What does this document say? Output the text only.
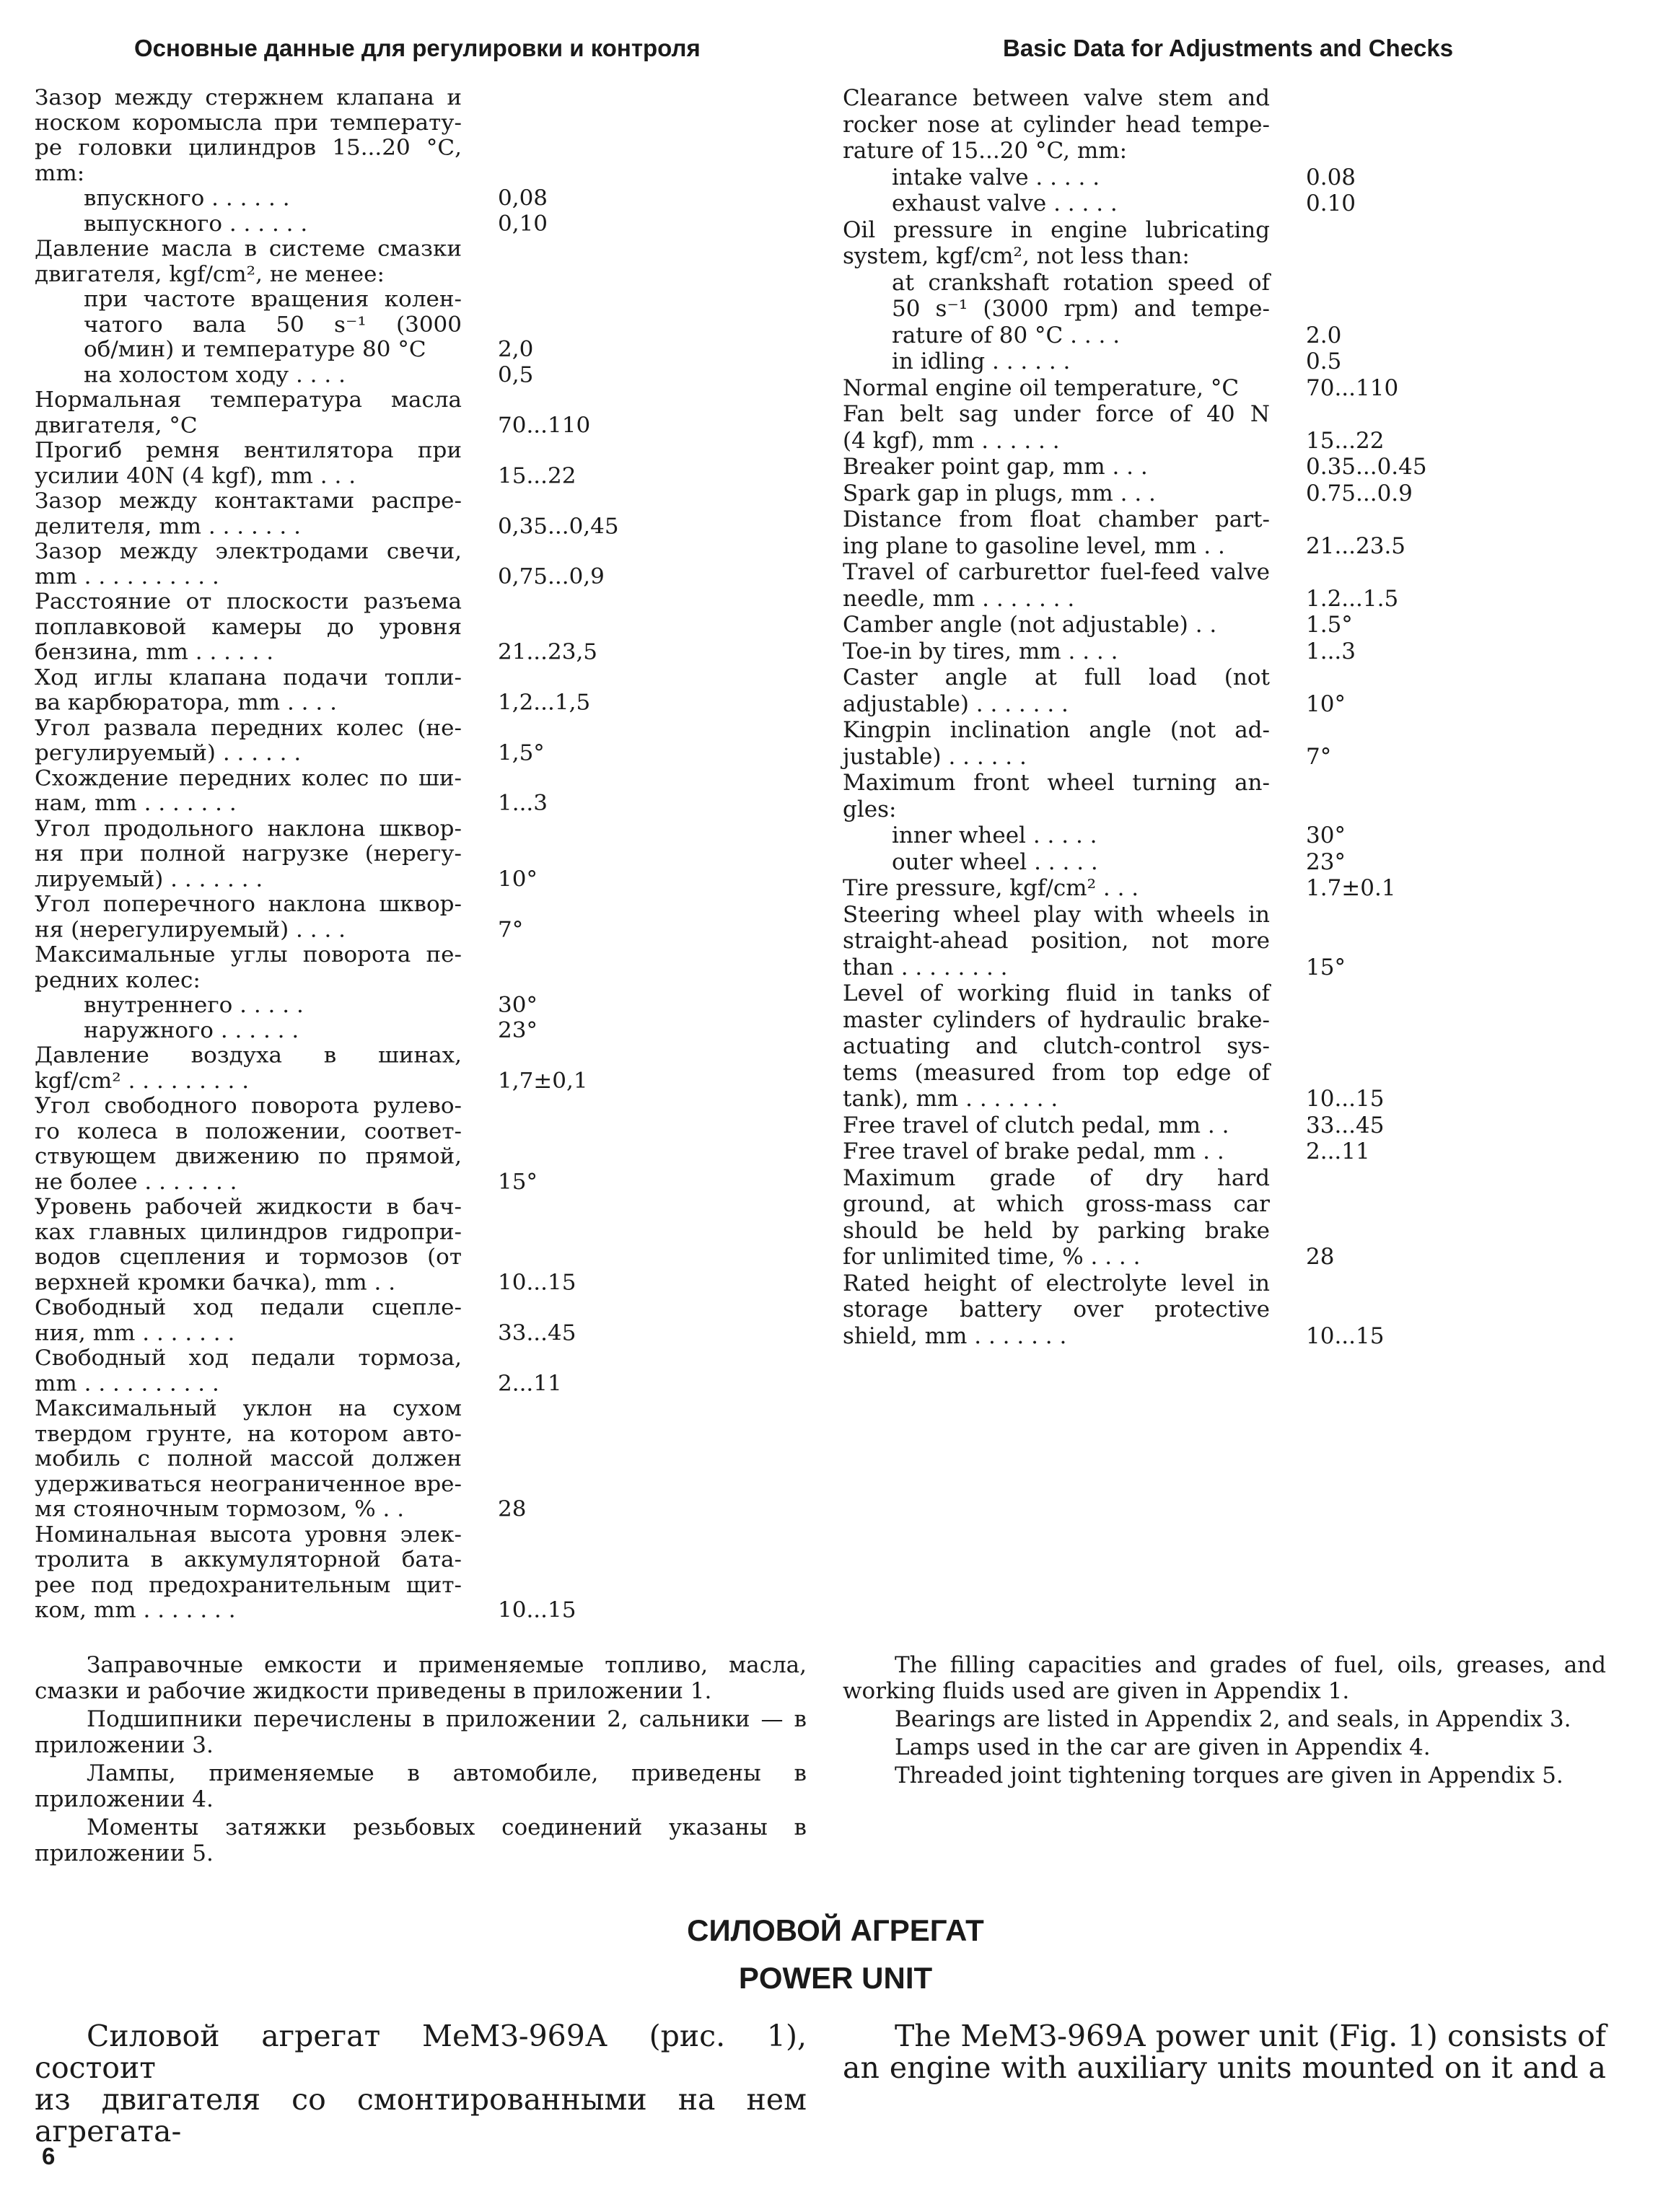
Основные данные для регулировки и контроля	Basic Data for Adjustments and Checks
Зазор между стержнем клапана и
носком коромысла при температу-
ре головки цилиндров 15...20 °С,
mm:
впускного . . . . . .	0,08
выпускного . . . . . .	0,10
Давление масла в системе смазки
двигателя, kgf/cm², не менее:
при частоте вращения колен-
чатого вала 50 s⁻¹ (3000
об/мин) и температуре 80 °С	2,0
на холостом ходу . . . .	0,5
Нормальная температура масла
двигателя, °С	70...110
Прогиб ремня вентилятора при
усилии 40N (4 kgf), mm . . .	15...22
Зазор между контактами распре-
делителя, mm . . . . . . .	0,35...0,45
Зазор между электродами свечи,
mm . . . . . . . . . .	0,75...0,9
Расстояние от плоскости разъема
поплавковой камеры до уровня
бензина, mm . . . . . .	21...23,5
Ход иглы клапана подачи топли-
ва карбюратора, mm . . . .	1,2...1,5
Угол развала передних колес (не-
регулируемый) . . . . . .	1,5°
Схождение передних колес по ши-
нам, mm . . . . . . .	1...3
Угол продольного наклона шквор-
ня при полной нагрузке (нерегу-
лируемый) . . . . . . .	10°
Угол поперечного наклона шквор-
ня (нерегулируемый) . . . .	7°
Максимальные углы поворота пе-
редних колес:
внутреннего . . . . .	30°
наружного . . . . . .	23°
Давление воздуха в шинах,
kgf/cm² . . . . . . . . .	1,7±0,1
Угол свободного поворота рулево-
го колеса в положении, соответ-
ствующем движению по прямой,
не более . . . . . . .	15°
Уровень рабочей жидкости в бач-
ках главных цилиндров гидропри-
водов сцепления и тормозов (от
верхней кромки бачка), mm . .	10...15
Свободный ход педали сцепле-
ния, mm . . . . . . .	33...45
Свободный ход педали тормоза,
mm . . . . . . . . . .	2...11
Максимальный уклон на сухом
твердом грунте, на котором авто-
мобиль с полной массой должен
удерживаться неограниченное вре-
мя стояночным тормозом, % . .	28
Номинальная высота уровня элек-
тролита в аккумуляторной бата-
рее под предохранительным щит-
ком, mm . . . . . . .	10...15
Clearance between valve stem and
rocker nose at cylinder head tempe-
rature of 15...20 °C, mm:
intake valve . . . . .	0.08
exhaust valve . . . . .	0.10
Oil pressure in engine lubricating
system, kgf/cm², not less than:
at crankshaft rotation speed of
50 s⁻¹ (3000 rpm) and tempe-
rature of 80 °C . . . .	2.0
in idling . . . . . .	0.5
Normal engine oil temperature, °C	70...110
Fan belt sag under force of 40 N
(4 kgf), mm . . . . . .	15...22
Breaker point gap, mm . . .	0.35...0.45
Spark gap in plugs, mm . . .	0.75...0.9
Distance from float chamber part-
ing plane to gasoline level, mm . .	21...23.5
Travel of carburettor fuel-feed valve
needle, mm . . . . . . .	1.2...1.5
Camber angle (not adjustable) . .	1.5°
Toe-in by tires, mm . . . .	1...3
Caster angle at full load (not
adjustable) . . . . . . .	10°
Kingpin inclination angle (not ad-
justable) . . . . . .	7°
Maximum front wheel turning an-
gles:
inner wheel . . . . .	30°
outer wheel . . . . .	23°
Tire pressure, kgf/cm² . . .	1.7±0.1
Steering wheel play with wheels in
straight-ahead position, not more
than . . . . . . . .	15°
Level of working fluid in tanks of
master cylinders of hydraulic brake-
actuating and clutch-control sys-
tems (measured from top edge of
tank), mm . . . . . . .	10...15
Free travel of clutch pedal, mm . .	33...45
Free travel of brake pedal, mm . .	2...11
Maximum grade of dry hard
ground, at which gross-mass car
should be held by parking brake
for unlimited time, % . . . .	28
Rated height of electrolyte level in
storage battery over protective
shield, mm . . . . . . .	10...15

Заправочные емкости и применяемые топливо, масла, смазки и рабочие жидкости приведены в приложении 1.

Подшипники перечислены в приложении 2, сальники — в приложении 3.

Лампы, применяемые в автомобиле, приведены в приложении 4.

Моменты затяжки резьбовых соединений указаны в приложении 5.

The filling capacities and grades of fuel, oils, greases, and working fluids used are given in Appendix 1.

Bearings are listed in Appendix 2, and seals, in Appendix 3.

Lamps used in the car are given in Appendix 4.

Threaded joint tightening torques are given in Appendix 5.

СИЛОВОЙ АГРЕГАТ
POWER UNIT
Силовой агрегат МеМЗ-969А (рис. 1), состоит
из двигателя со смонтированными на нем агрегата-
The МеМЗ-969А power unit (Fig. 1) consists of
an engine with auxiliary units mounted on it and a
6
